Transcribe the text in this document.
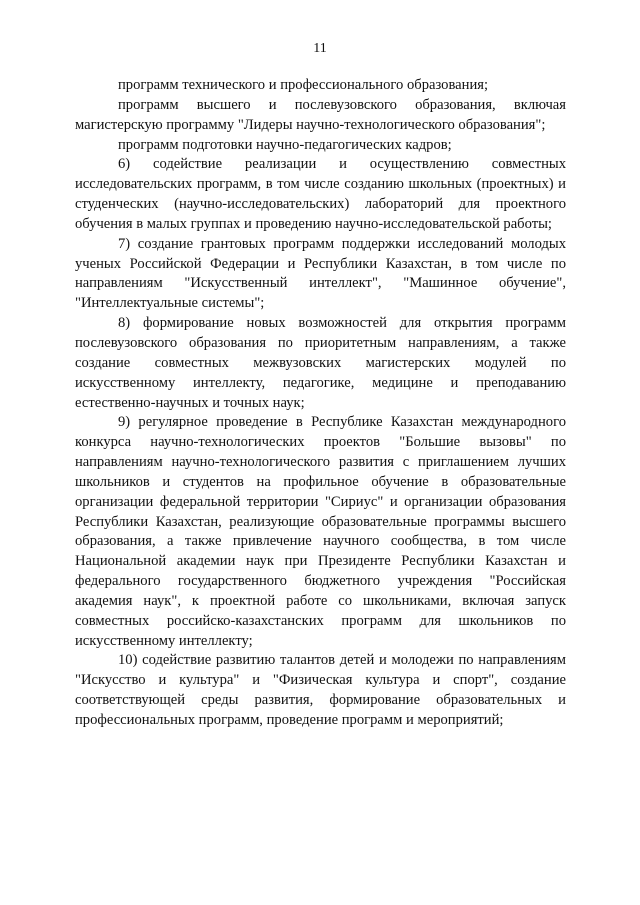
11

программ технического и профессионального образования;

программ высшего и послевузовского образования, включая магистерскую программу "Лидеры научно-технологического образования";

программ подготовки научно-педагогических кадров;

6) содействие реализации и осуществлению совместных исследовательских программ, в том числе созданию школьных (проектных) и студенческих (научно-исследовательских) лабораторий для проектного обучения в малых группах и проведению научно-исследовательской работы;

7) создание грантовых программ поддержки исследований молодых ученых Российской Федерации и Республики Казахстан, в том числе по направлениям "Искусственный интеллект", "Машинное обучение", "Интеллектуальные системы";

8) формирование новых возможностей для открытия программ послевузовского образования по приоритетным направлениям, а также создание совместных межвузовских магистерских модулей по искусственному интеллекту, педагогике, медицине и преподаванию естественно-научных и точных наук;

9) регулярное проведение в Республике Казахстан международного конкурса научно-технологических проектов "Большие вызовы" по направлениям научно-технологического развития с приглашением лучших школьников и студентов на профильное обучение в образовательные организации федеральной территории "Сириус" и организации образования Республики Казахстан, реализующие образовательные программы высшего образования, а также привлечение научного сообщества, в том числе Национальной академии наук при Президенте Республики Казахстан и федерального государственного бюджетного учреждения "Российская академия наук", к проектной работе со школьниками, включая запуск совместных российско-казахстанских программ для школьников по искусственному интеллекту;

10) содействие развитию талантов детей и молодежи по направлениям "Искусство и культура" и "Физическая культура и спорт", создание соответствующей среды развития, формирование образовательных и профессиональных программ, проведение программ и мероприятий;
